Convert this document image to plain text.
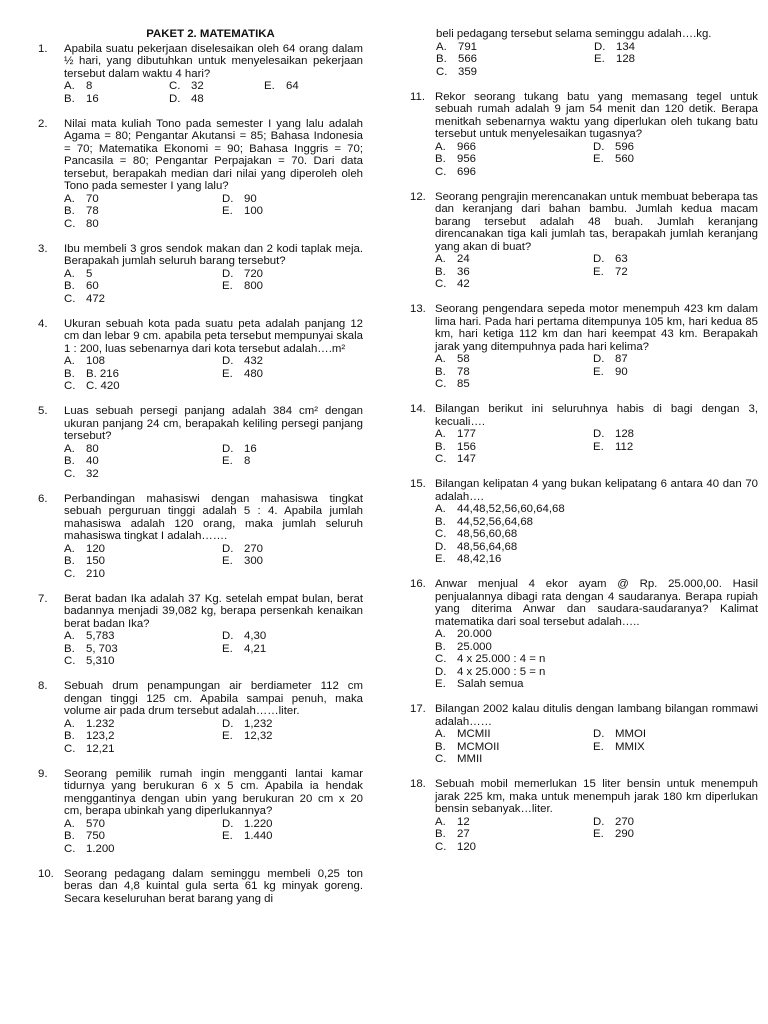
PAKET 2. MATEMATIKA
1.	Apabila suatu pekerjaan diselesaikan oleh 64 orang dalam ½ hari, yang dibutuhkan untuk menyelesaikan pekerjaan tersebut dalam waktu 4 hari?
A. 8	C. 32	E. 64
B. 16	D. 48
2.	Nilai mata kuliah Tono pada semester I yang lalu adalah Agama = 80; Pengantar Akutansi = 85; Bahasa Indonesia = 70; Matematika Ekonomi = 90; Bahasa Inggris = 70; Pancasila = 80; Pengantar Perpajakan = 70. Dari data tersebut, berapakah median dari nilai yang diperoleh oleh Tono pada semester I yang lalu?
A. 70	D. 90
B. 78	E. 100
C. 80
3.	Ibu membeli 3 gros sendok makan dan 2 kodi taplak meja. Berapakah jumlah seluruh barang tersebut?
A. 5	D. 720
B. 60	E. 800
C. 472
4.	Ukuran sebuah kota pada suatu peta adalah panjang 12 cm dan lebar 9 cm. apabila peta tersebut mempunyai skala 1 : 200, luas sebenarnya dari kota tersebut adalah….m²
A. 108	D. 432
B. B. 216	E. 480
C. C. 420
5.	Luas sebuah persegi panjang adalah 384 cm² dengan ukuran panjang 24 cm, berapakah keliling persegi panjang tersebut?
A. 80	D. 16
B. 40	E. 8
C. 32
6.	Perbandingan mahasiswi dengan mahasiswa tingkat sebuah perguruan tinggi adalah 5 : 4. Apabila jumlah mahasiswa adalah 120 orang, maka jumlah seluruh mahasiswa tingkat I adalah…….
A. 120	D. 270
B. 150	E. 300
C. 210
7.	Berat badan Ika adalah 37 Kg. setelah empat bulan, berat badannya menjadi 39,082 kg, berapa persenkah kenaikan berat badan Ika?
A. 5,783	D. 4,30
B. 5, 703	E. 4,21
C. 5,310
8.	Sebuah drum penampungan air berdiameter 112 cm dengan tinggi 125 cm. Apabila sampai penuh, maka volume air pada drum tersebut adalah……liter.
A. 1.232	D. 1,232
B. 123,2	E. 12,32
C. 12,21
9.	Seorang pemilik rumah ingin mengganti lantai kamar tidurnya yang berukuran 6 x 5 cm. Apabila ia hendak menggantinya dengan ubin yang berukuran 20 cm x 20 cm, berapa ubinkah yang diperlukannya?
A. 570	D. 1.220
B. 750	E. 1.440
C. 1.200
10. Seorang pedagang dalam seminggu membeli 0,25 ton beras dan 4,8 kuintal gula serta 61 kg minyak goreng. Secara keseluruhan berat barang yang di
beli pedagang tersebut selama seminggu adalah….kg.
A. 791	D. 134
B. 566	E. 128
C. 359
11. Rekor seorang tukang batu yang memasang tegel untuk sebuah rumah adalah 9 jam 54 menit dan 120 detik. Berapa menitkah sebenarnya waktu yang diperlukan oleh tukang batu tersebut untuk menyelesaikan tugasnya?
A. 966	D. 596
B. 956	E. 560
C. 696
12. Seorang pengrajin merencanakan untuk membuat beberapa tas dan keranjang dari bahan bambu. Jumlah kedua macam barang tersebut adalah 48 buah. Jumlah keranjang direncanakan tiga kali jumlah tas, berapakah jumlah keranjang yang akan di buat?
A. 24	D. 63
B. 36	E. 72
C. 42
13. Seorang pengendara sepeda motor menempuh 423 km dalam lima hari. Pada hari pertama ditempunya 105 km, hari kedua 85 km, hari ketiga 112 km dan hari keempat 43 km. Berapakah jarak yang ditempuhnya pada hari kelima?
A. 58	D. 87
B. 78	E. 90
C. 85
14. Bilangan berikut ini seluruhnya habis di bagi dengan 3, kecuali….
A. 177	D. 128
B. 156	E. 112
C. 147
15. Bilangan kelipatan 4 yang bukan kelipatang 6 antara 40 dan 70 adalah….
A. 44,48,52,56,60,64,68
B. 44,52,56,64,68
C. 48,56,60,68
D. 48,56,64,68
E. 48,42,16
16. Anwar menjual 4 ekor ayam @ Rp. 25.000,00. Hasil penjualannya dibagi rata dengan 4 saudaranya. Berapa rupiah yang diterima Anwar dan saudara-saudaranya? Kalimat matematika dari soal tersebut adalah…..
A. 20.000
B. 25.000
C. 4 x 25.000 : 4 = n
D. 4 x 25.000 : 5 = n
E. Salah semua
17. Bilangan 2002 kalau ditulis dengan lambang bilangan rommawi adalah……
A. MCMII	D. MMOI
B. MCMOII	E. MMIX
C. MMII
18. Sebuah mobil memerlukan 15 liter bensin untuk menempuh jarak 225 km, maka untuk menempuh jarak 180 km diperlukan bensin sebanyak…liter.
A. 12	D. 270
B. 27	E. 290
C. 120
